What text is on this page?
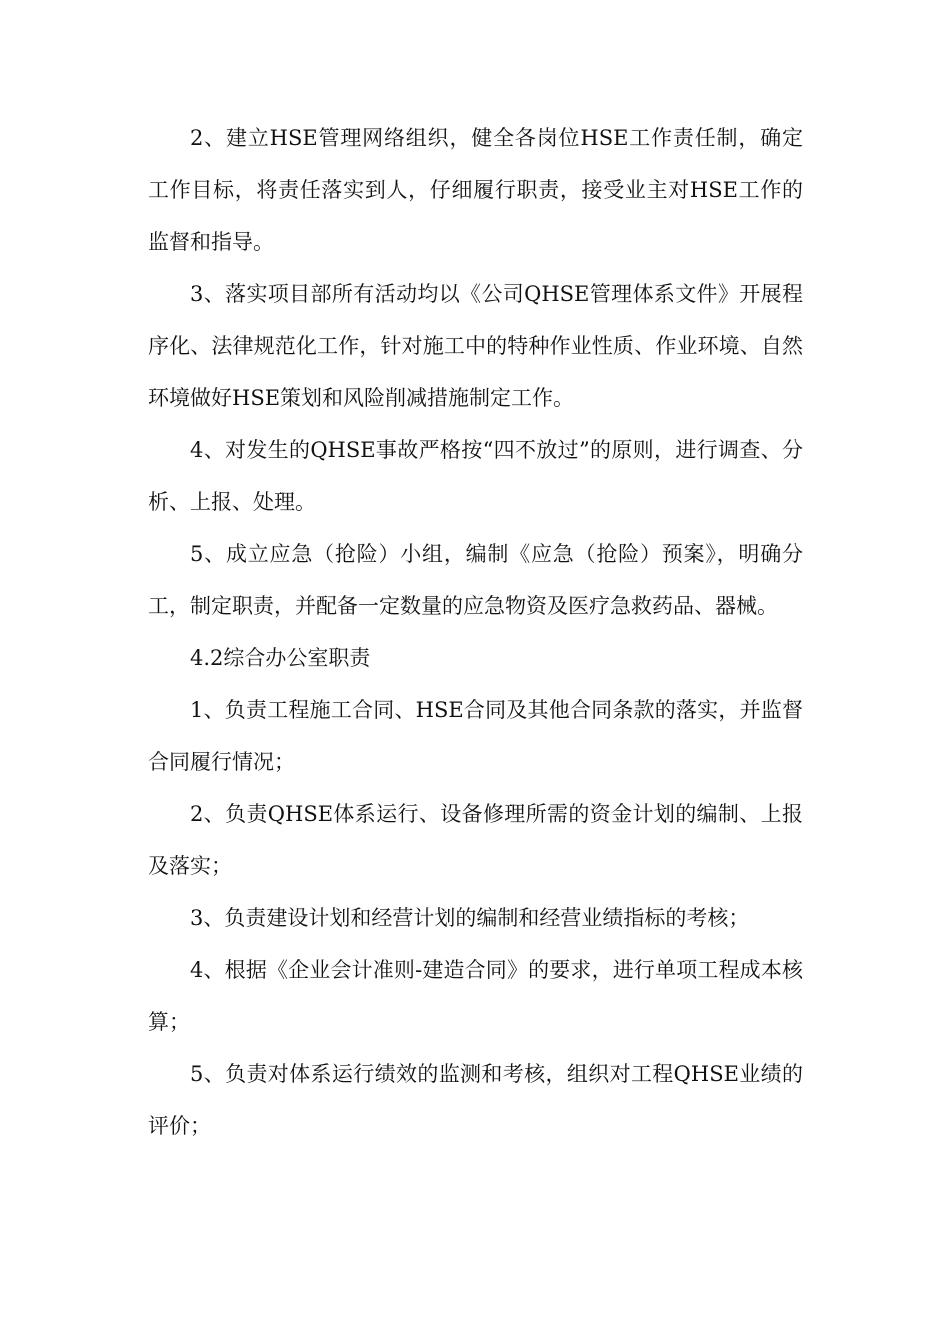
2、建立HSE管理网络组织，健全各岗位HSE工作责任制，确定工作目标，将责任落实到人，仔细履行职责，接受业主对HSE工作的监督和指导。

3、落实项目部所有活动均以《公司QHSE管理体系文件》开展程序化、法律规范化工作，针对施工中的特种作业性质、作业环境、自然环境做好HSE策划和风险削减措施制定工作。

4、对发生的QHSE事故严格按“四不放过”的原则，进行调查、分析、上报、处理。

5、成立应急（抢险）小组，编制《应急（抢险）预案》，明确分工，制定职责，并配备一定数量的应急物资及医疗急救药品、器械。

4.2综合办公室职责

1、负责工程施工合同、HSE合同及其他合同条款的落实，并监督合同履行情况；

2、负责QHSE体系运行、设备修理所需的资金计划的编制、上报及落实；

3、负责建设计划和经营计划的编制和经营业绩指标的考核；

4、根据《企业会计准则-建造合同》的要求，进行单项工程成本核算；

5、负责对体系运行绩效的监测和考核，组织对工程QHSE业绩的评价；
